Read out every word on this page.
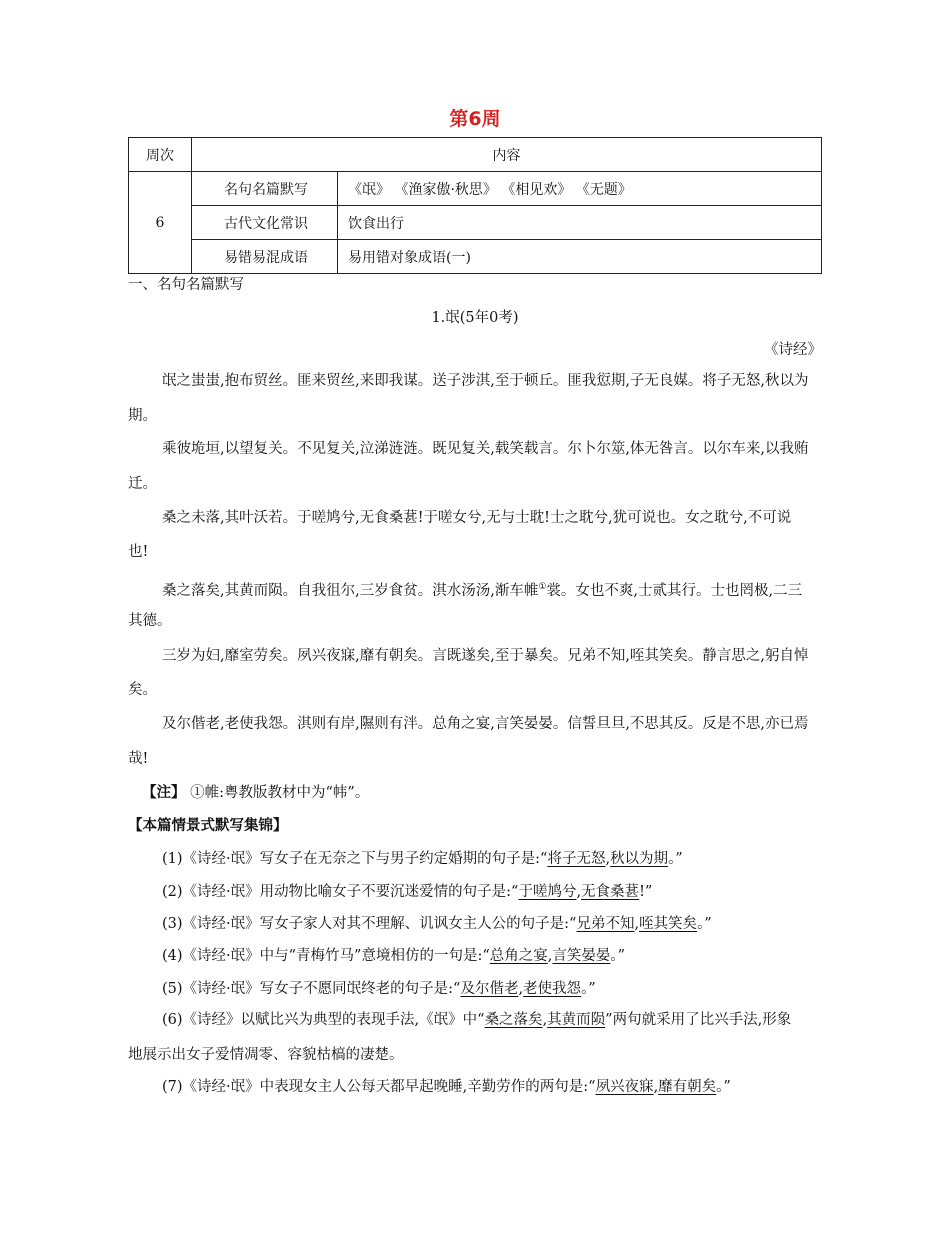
第6周
周次	内容	
6	名句名篇默写	《氓》 《渔家傲·秋思》 《相见欢》 《无题》
	古代文化常识	饮食出行
	易错易混成语	易用错对象成语(一)
一、名句名篇默写
1.氓(5年0考)
《诗经》
氓之蚩蚩,抱布贸丝。匪来贸丝,来即我谋。送子涉淇,至于顿丘。匪我愆期,子无良媒。将子无怒,秋以为
期。
乘彼垝垣,以望复关。不见复关,泣涕涟涟。既见复关,载笑载言。尔卜尔筮,体无咎言。以尔车来,以我贿
迁。
桑之未落,其叶沃若。于嗟鸠兮,无食桑葚!于嗟女兮,无与士耽!士之耽兮,犹可说也。女之耽兮,不可说
也!
桑之落矣,其黄而陨。自我徂尔,三岁食贫。淇水汤汤,渐车帷①裳。女也不爽,士贰其行。士也罔极,二三
其德。
三岁为妇,靡室劳矣。夙兴夜寐,靡有朝矣。言既遂矣,至于暴矣。兄弟不知,咥其笑矣。静言思之,躬自悼
矣。
及尔偕老,老使我怨。淇则有岸,隰则有泮。总角之宴,言笑晏晏。信誓旦旦,不思其反。反是不思,亦已焉
哉!
【注】 ①帷:粤教版教材中为“帏”。
【本篇情景式默写集锦】
(1)《诗经·氓》写女子在无奈之下与男子约定婚期的句子是:“将子无怒,秋以为期。”
(2)《诗经·氓》用动物比喻女子不要沉迷爱情的句子是:“于嗟鸠兮,无食桑葚!”
(3)《诗经·氓》写女子家人对其不理解、讥讽女主人公的句子是:“兄弟不知,咥其笑矣。”
(4)《诗经·氓》中与“青梅竹马”意境相仿的一句是:“总角之宴,言笑晏晏。”
(5)《诗经·氓》写女子不愿同氓终老的句子是:“及尔偕老,老使我怨。”
(6)《诗经》以赋比兴为典型的表现手法,《氓》中“桑之落矣,其黄而陨”两句就采用了比兴手法,形象
地展示出女子爱情凋零、容貌枯槁的凄楚。
(7)《诗经·氓》中表现女主人公每天都早起晚睡,辛勤劳作的两句是:“夙兴夜寐,靡有朝矣。”
